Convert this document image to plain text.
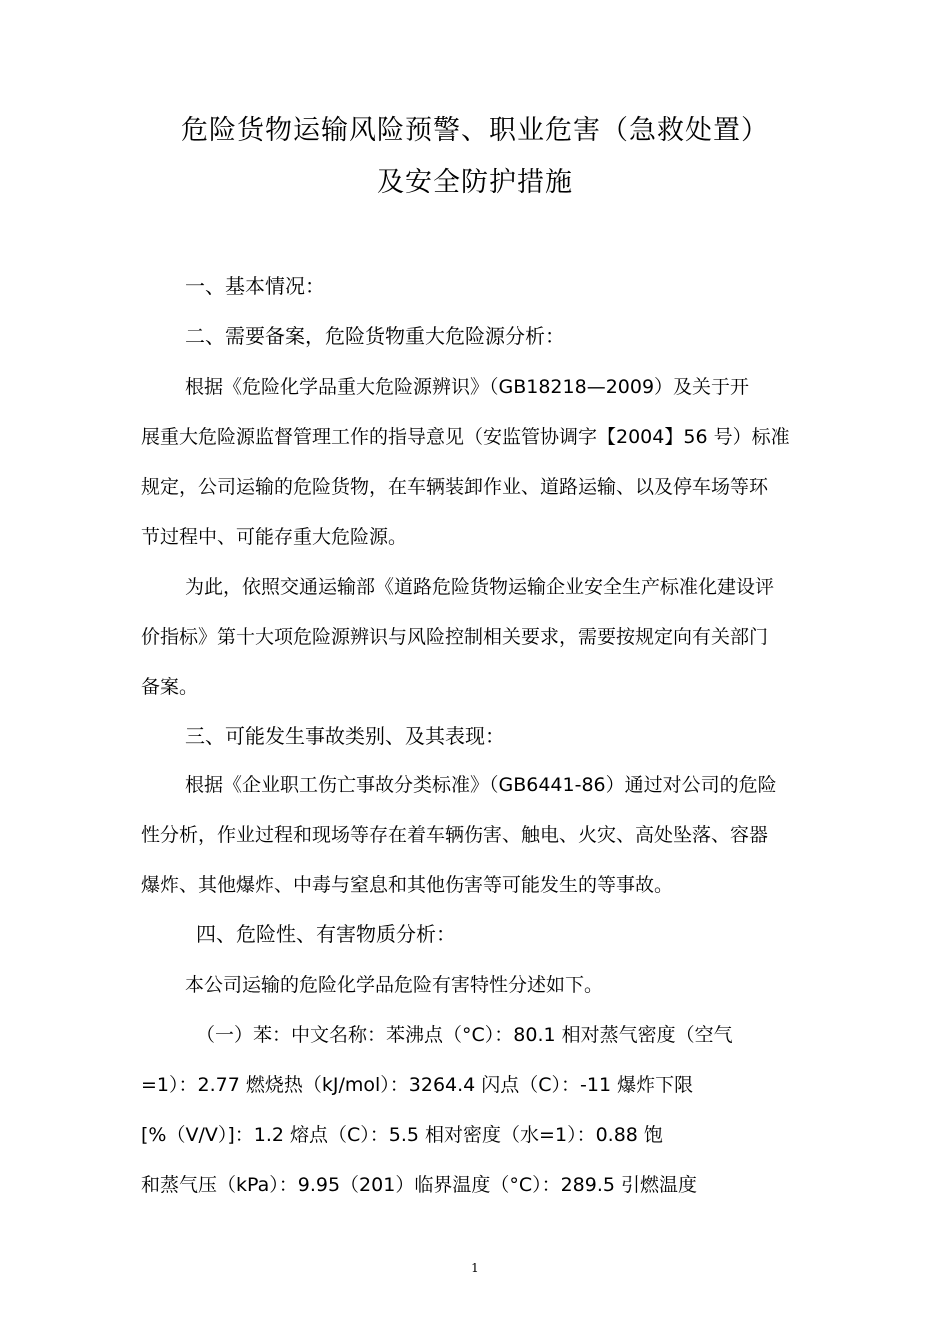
危险货物运输风险预警、职业危害（急救处置）
及安全防护措施
一、基本情况：
二、需要备案，危险货物重大危险源分析：
根据《危险化学品重大危险源辨识》（GB18218—2009）及关于开
展重大危险源监督管理工作的指导意见（安监管协调字【2004】56 号）标准
规定，公司运输的危险货物，在车辆装卸作业、道路运输、以及停车场等环
节过程中、可能存重大危险源。
为此，依照交通运输部《道路危险货物运输企业安全生产标准化建设评
价指标》第十大项危险源辨识与风险控制相关要求，需要按规定向有关部门
备案。
三、可能发生事故类别、及其表现：
根据《企业职工伤亡事故分类标准》（GB6441-86）通过对公司的危险
性分析，作业过程和现场等存在着车辆伤害、触电、火灾、高处坠落、容器
爆炸、其他爆炸、中毒与窒息和其他伤害等可能发生的等事故。
四、危险性、有害物质分析：
本公司运输的危险化学品危险有害特性分述如下。
（一）苯：中文名称：苯沸点（°C）：80.1 相对蒸气密度（空气
=1）：2.77 燃烧热（kJ/mol）：3264.4 闪点（C）：-11 爆炸下限
[%（V/V）]：1.2 熔点（C）：5.5 相对密度（水=1）：0.88 饱
和蒸气压（kPa）：9.95（201）临界温度（°C）：289.5 引燃温度
1
